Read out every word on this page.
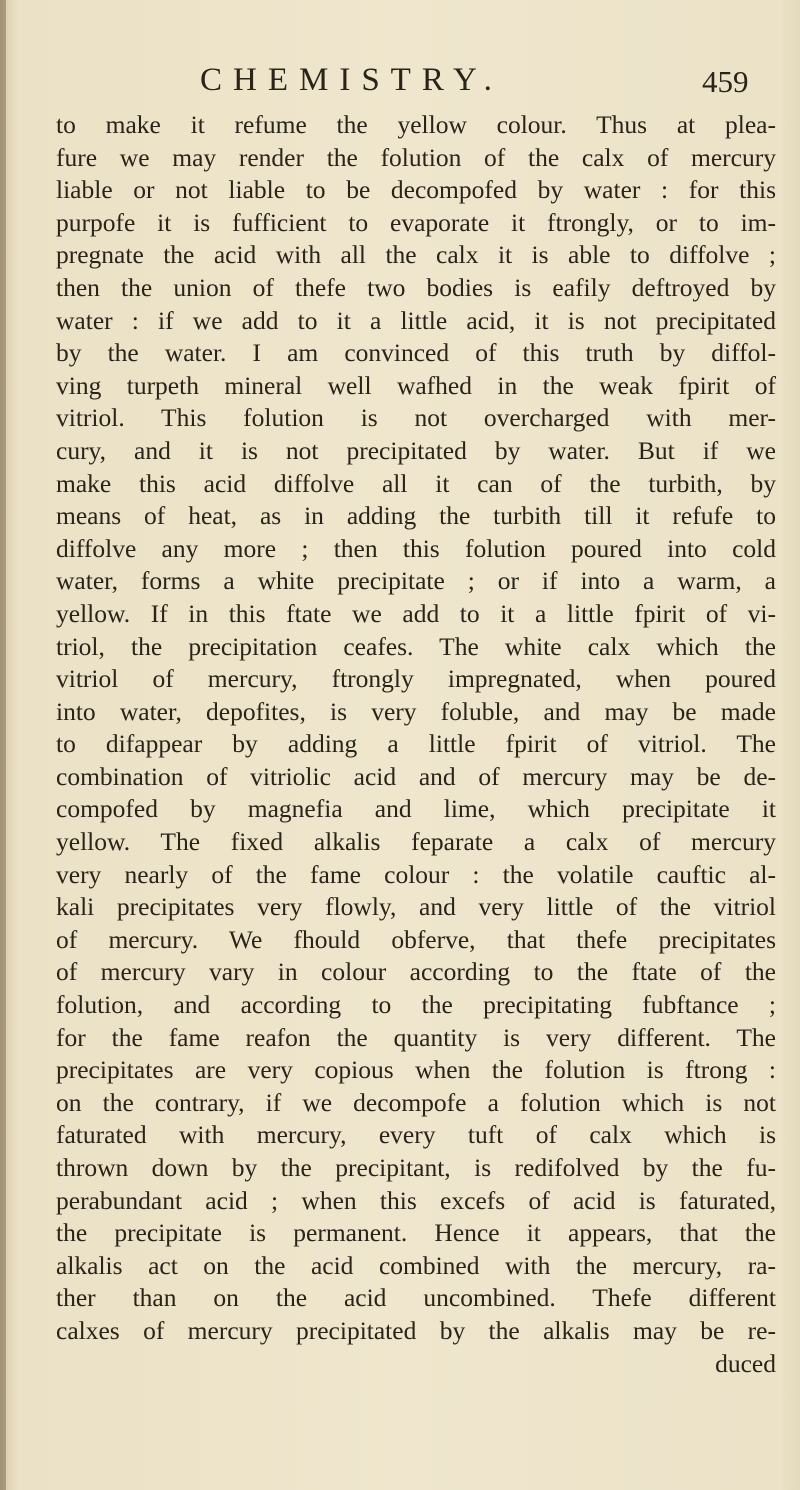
CHEMISTRY.	459
to make it refume the yellow colour. Thus at plea-
fure we may render the folution of the calx of mercury
liable or not liable to be decompofed by water : for this
purpofe it is fufficient to evaporate it ftrongly, or to im-
pregnate the acid with all the calx it is able to diffolve ;
then the union of thefe two bodies is eafily deftroyed by
water : if we add to it a little acid, it is not precipitated
by the water. I am convinced of this truth by diffol-
ving turpeth mineral well wafhed in the weak fpirit of
vitriol. This folution is not overcharged with mer-
cury, and it is not precipitated by water. But if we
make this acid diffolve all it can of the turbith, by
means of heat, as in adding the turbith till it refufe to
diffolve any more ; then this folution poured into cold
water, forms a white precipitate ; or if into a warm, a
yellow. If in this ftate we add to it a little fpirit of vi-
triol, the precipitation ceafes. The white calx which the
vitriol of mercury, ftrongly impregnated, when poured
into water, depofites, is very foluble, and may be made
to difappear by adding a little fpirit of vitriol. The
combination of vitriolic acid and of mercury may be de-
compofed by magnefia and lime, which precipitate it
yellow. The fixed alkalis feparate a calx of mercury
very nearly of the fame colour : the volatile cauftic al-
kali precipitates very flowly, and very little of the vitriol
of mercury. We fhould obferve, that thefe precipitates
of mercury vary in colour according to the ftate of the
folution, and according to the precipitating fubftance ;
for the fame reafon the quantity is very different. The
precipitates are very copious when the folution is ftrong :
on the contrary, if we decompofe a folution which is not
faturated with mercury, every tuft of calx which is
thrown down by the precipitant, is redifolved by the fu-
perabundant acid ; when this excefs of acid is faturated,
the precipitate is permanent. Hence it appears, that the
alkalis act on the acid combined with the mercury, ra-
ther than on the acid uncombined. Thefe different
calxes of mercury precipitated by the alkalis may be re-
duced
